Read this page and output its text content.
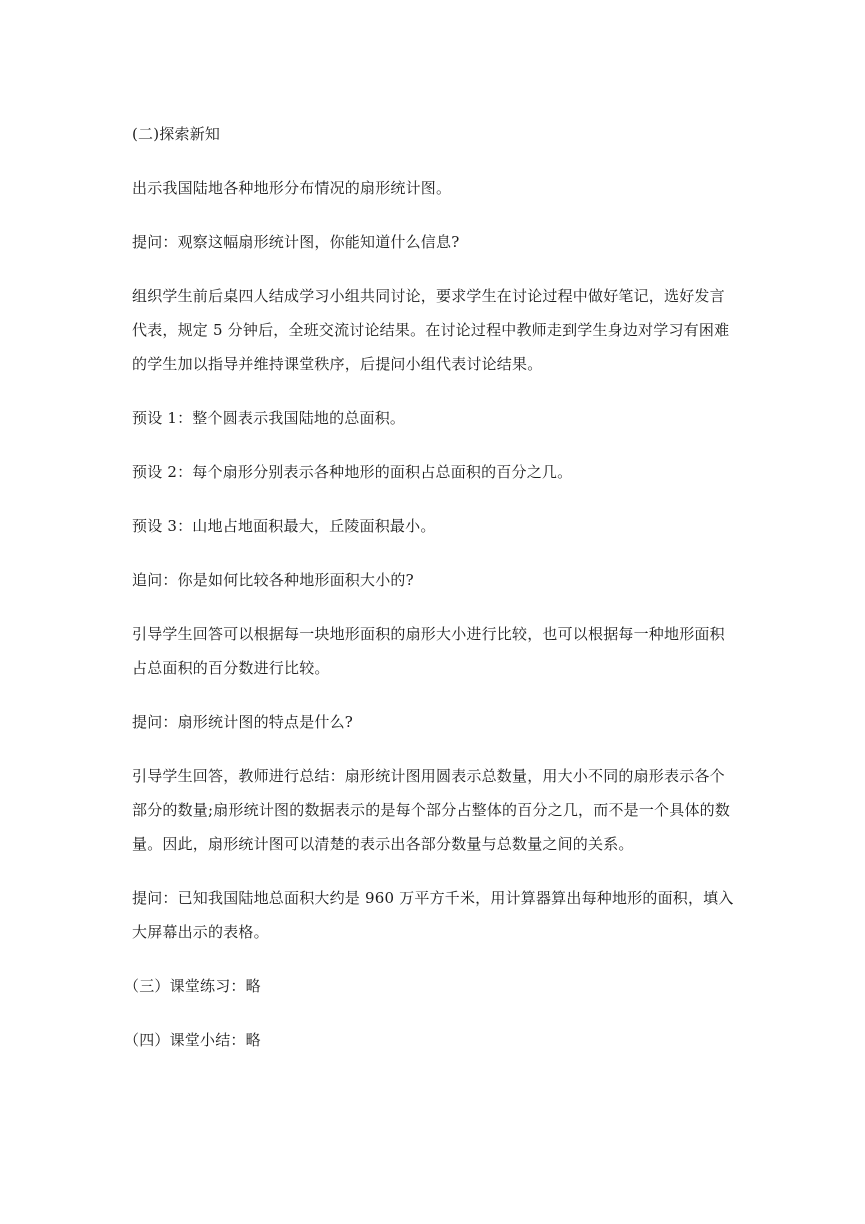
(二)探索新知

出示我国陆地各种地形分布情况的扇形统计图。

提问：观察这幅扇形统计图，你能知道什么信息?

组织学生前后桌四人结成学习小组共同讨论，要求学生在讨论过程中做好笔记，选好发言代表，规定 5 分钟后，全班交流讨论结果。在讨论过程中教师走到学生身边对学习有困难的学生加以指导并维持课堂秩序，后提问小组代表讨论结果。

预设 1：整个圆表示我国陆地的总面积。

预设 2：每个扇形分别表示各种地形的面积占总面积的百分之几。

预设 3：山地占地面积最大，丘陵面积最小。

追问：你是如何比较各种地形面积大小的?

引导学生回答可以根据每一块地形面积的扇形大小进行比较，也可以根据每一种地形面积占总面积的百分数进行比较。

提问：扇形统计图的特点是什么?

引导学生回答，教师进行总结：扇形统计图用圆表示总数量，用大小不同的扇形表示各个部分的数量;扇形统计图的数据表示的是每个部分占整体的百分之几，而不是一个具体的数量。因此，扇形统计图可以清楚的表示出各部分数量与总数量之间的关系。

提问：已知我国陆地总面积大约是 960 万平方千米，用计算器算出每种地形的面积，填入大屏幕出示的表格。

（三）课堂练习：略

（四）课堂小结：略
